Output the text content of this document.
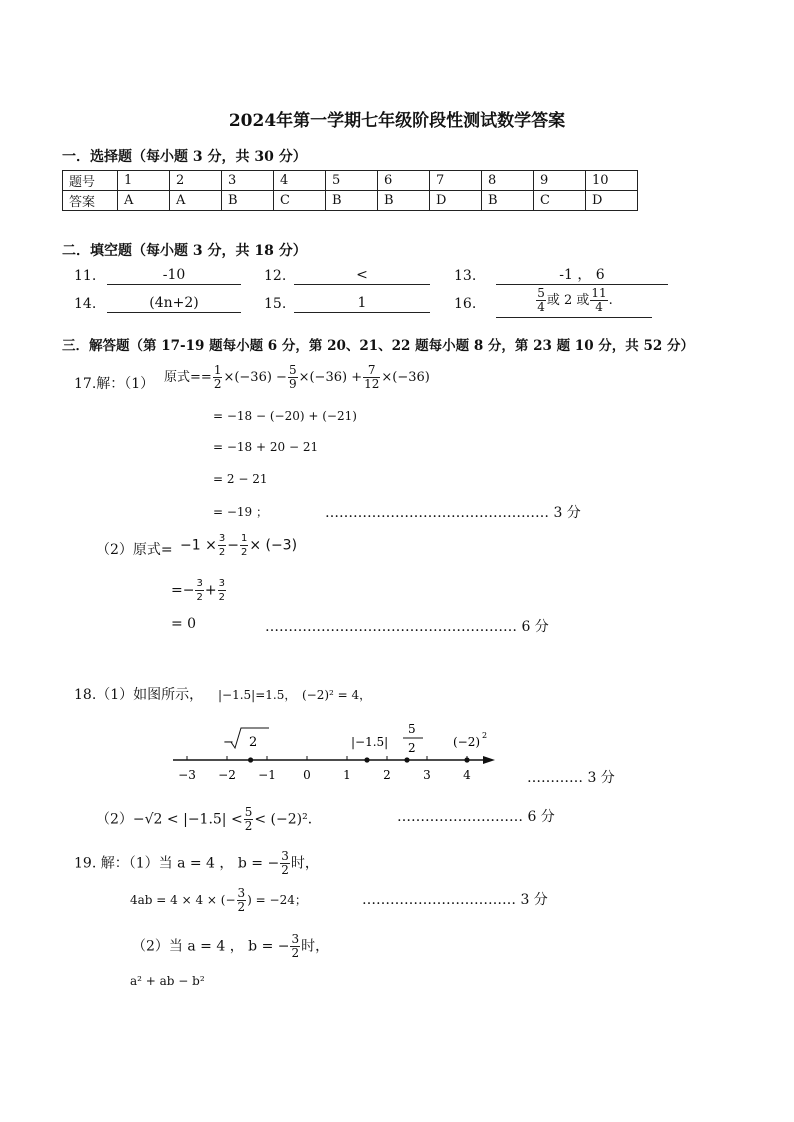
2024年第一学期七年级阶段性测试数学答案
一．选择题（每小题 3 分，共 30 分）
题号	1	2	3	4	5	6	7	8	9	10
答案	A	A	B	C	B	B	D	B	C	D
二．填空题（每小题 3 分，共 18 分）
11.	-10	12.	<	13.	-1 ， 6
14.	(4n+2)	15.	1	16.	$\frac{5}{4}$ 或 2 或 $\frac{11}{4}$ .
三．解答题（第 17-19 题每小题 6 分，第 20、21、22 题每小题 8 分，第 23 题 10 分，共 52 分）
17.解：（1） 原式== $\frac{1}{2} \times(-36) - \frac{5}{9} \times(-36) + \frac{7}{12} \times(-36)$
= −18 − (−20) + (−21)
= −18 + 20 − 21
= 2 − 21
= −19 ；	………………………………………… 3 分
（2）原式= $-1 \times \frac{3}{2} - \frac{1}{2} \times (-3)$
=− $\frac{3}{2} + \frac{3}{2}$
= 0	……………………………………………… 6 分
18.（1）如图所示， |−1.5|=1.5， (−2)² = 4，
−3 −2 −1 0	1	2	3	4
− 2	|−1.5|
5
2	(−2) 2
………… 3 分
$(2)-√2 < |-1.5| < \frac{5}{2} < (-2)^2$．	……………………… 6 分
19. 解：（1）当 a = 4 ， b = − $\frac{3}{2}$ 时，
4ab = 4 × 4 × (− $\frac{3}{2}$ ) = −24；	…………………………… 3 分
（2）当 a = 4 ， b = − $\frac{3}{2}$ 时，
a² + ab − b²
